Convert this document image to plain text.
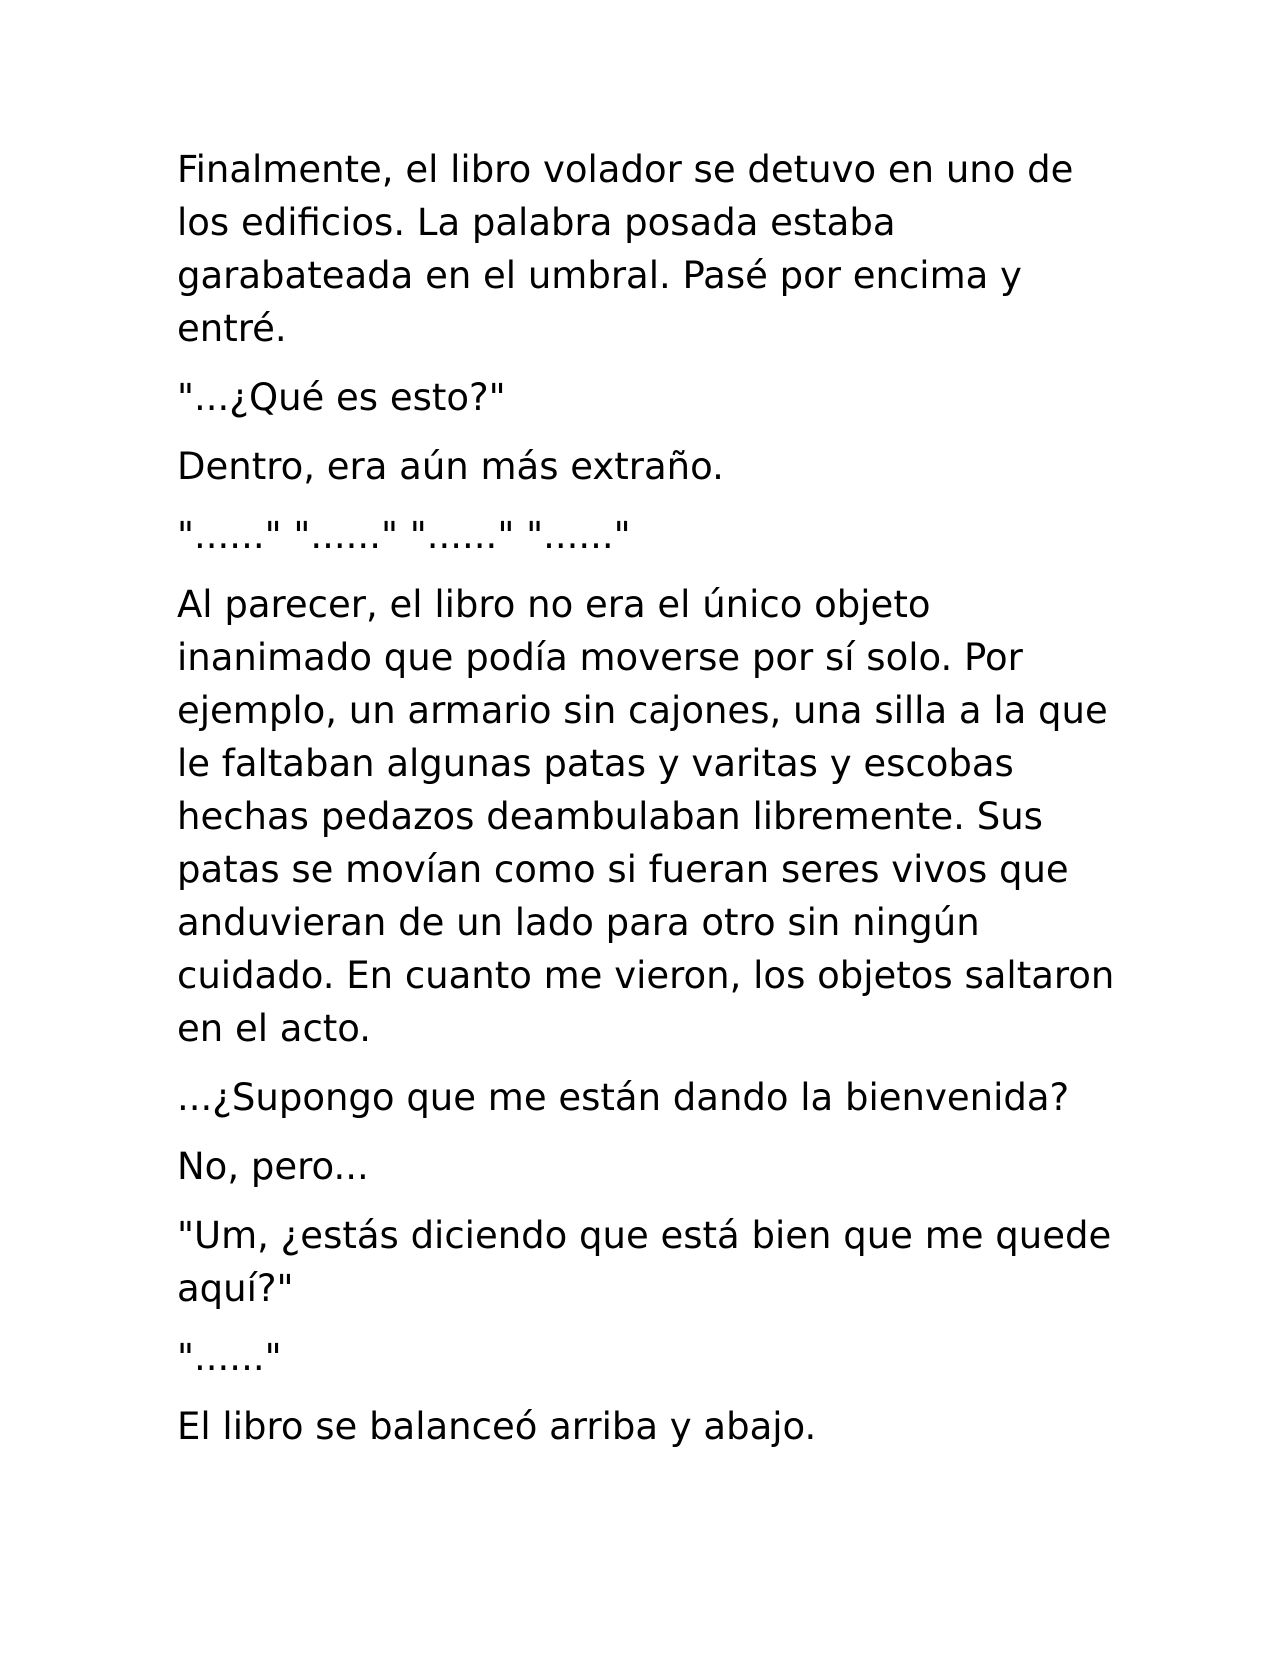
Finalmente, el libro volador se detuvo en uno de los edificios. La palabra posada estaba garabateada en el umbral. Pasé por encima y entré.

"...¿Qué es esto?"

Dentro, era aún más extraño.

"......" "......" "......" "......"

Al parecer, el libro no era el único objeto inanimado que podía moverse por sí solo. Por ejemplo, un armario sin cajones, una silla a la que le faltaban algunas patas y varitas y escobas hechas pedazos deambulaban libremente. Sus patas se movían como si fueran seres vivos que anduvieran de un lado para otro sin ningún cuidado. En cuanto me vieron, los objetos saltaron en el acto.

...¿Supongo que me están dando la bienvenida?

No, pero...

"Um, ¿estás diciendo que está bien que me quede aquí?"

"......"

El libro se balanceó arriba y abajo.
